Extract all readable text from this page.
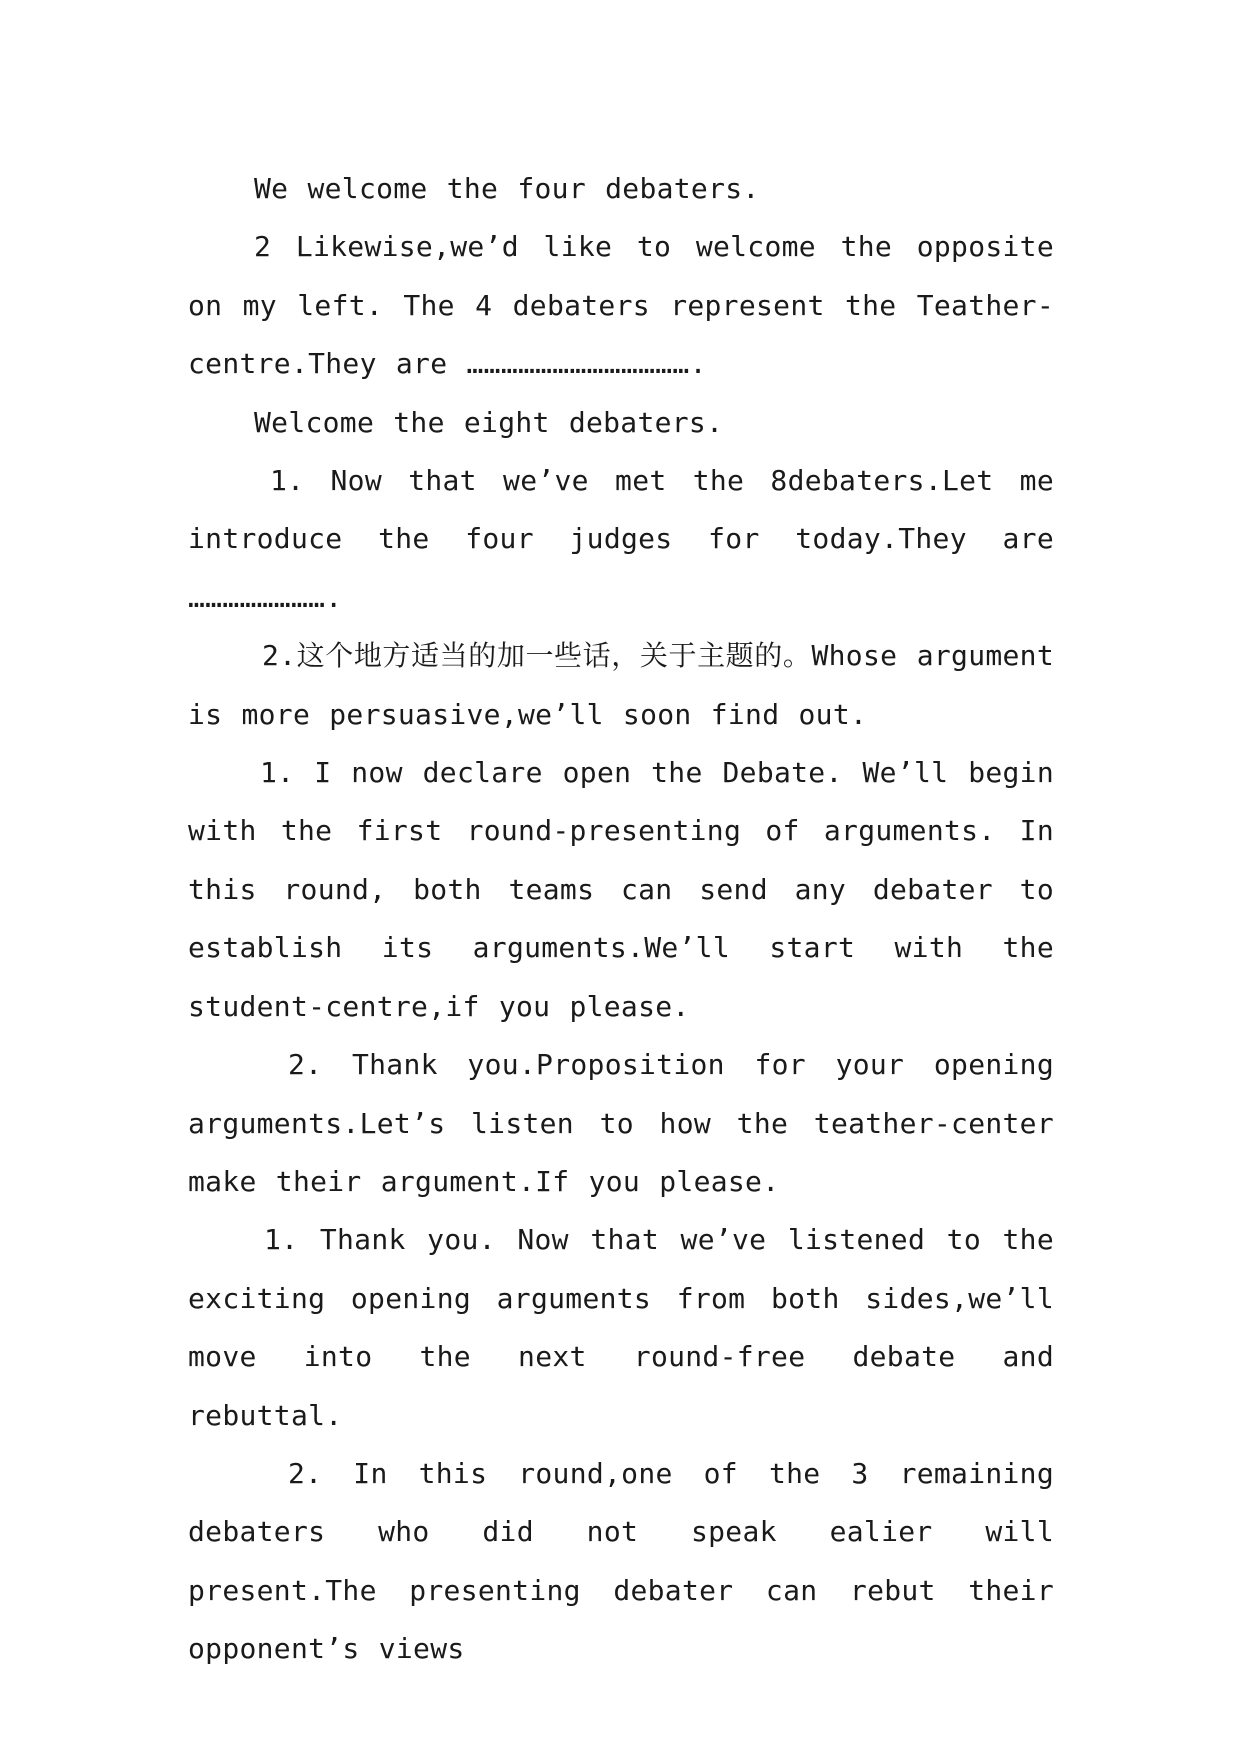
We welcome the four debaters.

2 Likewise,we’d like to welcome the opposite on my left. The 4 debaters represent the Teather-centre.They are ………………………………….

Welcome the eight debaters.

1. Now that we’ve met the 8debaters.Let me introduce the four judges for today.They are …………………….

2.这个地方适当的加一些话，关于主题的。Whose argument is more persuasive,we’ll soon find out.

1. I now declare open the Debate. We’ll begin with the first round-presenting of arguments. In this round, both teams can send any debater to establish its arguments.We’ll start with the student-centre,if you please.

2. Thank you.Proposition for your opening arguments.Let’s listen to how the teather-center make their argument.If you please.

1. Thank you. Now that we’ve listened to the exciting opening arguments from both sides,we’ll move into the next round-free debate and rebuttal.

2. In this round,one of the 3 remaining debaters who did not speak ealier will present.The presenting debater can rebut their opponent’s views
